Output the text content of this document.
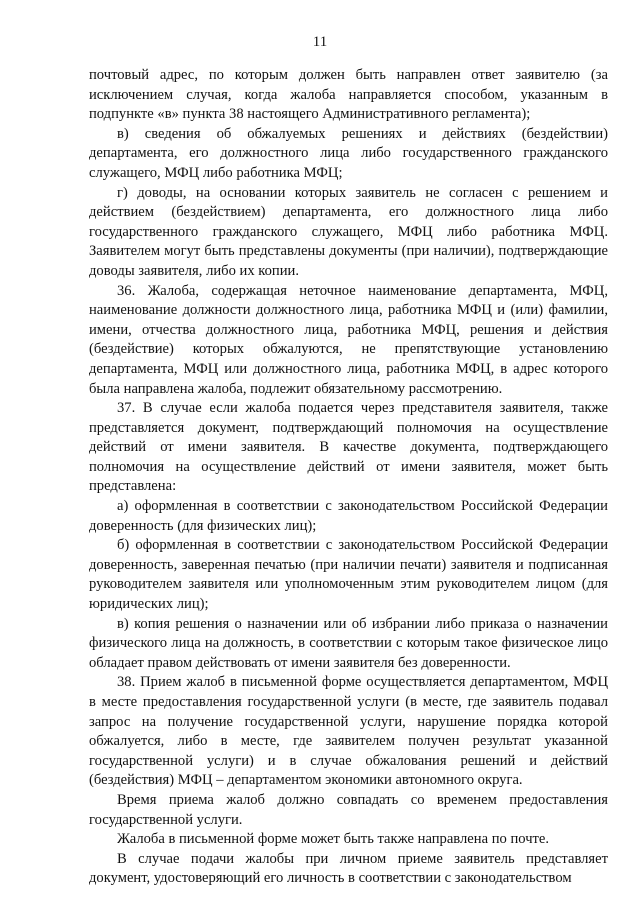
11

почтовый адрес, по которым должен быть направлен ответ заявителю (за исключением случая, когда жалоба направляется способом, указанным в подпункте «в» пункта 38 настоящего Административного регламента);

в) сведения об обжалуемых решениях и действиях (бездействии) департамента, его должностного лица либо государственного гражданского служащего, МФЦ либо работника МФЦ;

г) доводы, на основании которых заявитель не согласен с решением и действием (бездействием) департамента, его должностного лица либо государственного гражданского служащего, МФЦ либо работника МФЦ. Заявителем могут быть представлены документы (при наличии), подтверждающие доводы заявителя, либо их копии.

36. Жалоба, содержащая неточное наименование департамента, МФЦ, наименование должности должностного лица, работника МФЦ и (или) фамилии, имени, отчества должностного лица, работника МФЦ, решения и действия (бездействие) которых обжалуются, не препятствующие установлению департамента, МФЦ или должностного лица, работника МФЦ, в адрес которого была направлена жалоба, подлежит обязательному рассмотрению.

37. В случае если жалоба подается через представителя заявителя, также представляется документ, подтверждающий полномочия на осуществление действий от имени заявителя. В качестве документа, подтверждающего полномочия на осуществление действий от имени заявителя, может быть представлена:

а) оформленная в соответствии с законодательством Российской Федерации доверенность (для физических лиц);

б) оформленная в соответствии с законодательством Российской Федерации доверенность, заверенная печатью (при наличии печати) заявителя и подписанная руководителем заявителя или уполномоченным этим руководителем лицом (для юридических лиц);

в) копия решения о назначении или об избрании либо приказа о назначении физического лица на должность, в соответствии с которым такое физическое лицо обладает правом действовать от имени заявителя без доверенности.

38. Прием жалоб в письменной форме осуществляется департаментом, МФЦ в месте предоставления государственной услуги (в месте, где заявитель подавал запрос на получение государственной услуги, нарушение порядка которой обжалуется, либо в месте, где заявителем получен результат указанной государственной услуги) и в случае обжалования решений и действий (бездействия) МФЦ – департаментом экономики автономного округа.

Время приема жалоб должно совпадать со временем предоставления государственной услуги.

Жалоба в письменной форме может быть также направлена по почте.

В случае подачи жалобы при личном приеме заявитель представляет документ, удостоверяющий его личность в соответствии с законодательством
